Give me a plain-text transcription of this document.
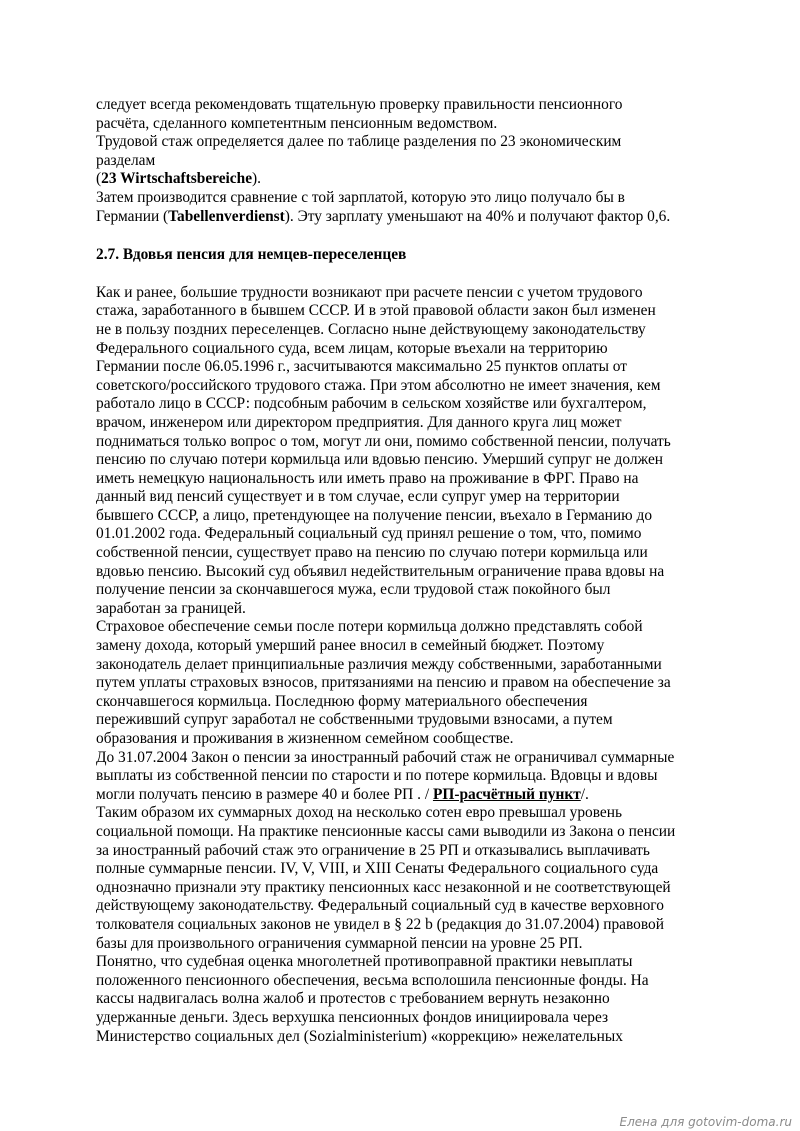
следует всегда рекомендовать тщательную проверку правильности пенсионного
расчёта, сделанного компетентным пенсионным ведомством.
Трудовой стаж определяется далее по таблице разделения по 23 экономическим
разделам
(23 Wirtschaftsbereiche).
Затем производится сравнение с той зарплатой, которую это лицо получало бы в
Германии (Tabellenverdienst). Эту зарплату уменьшают на 40% и получают фактор 0,6.
2.7. Вдовья пенсия для немцев-переселенцев
Как и ранее, большие трудности возникают при расчете пенсии с учетом трудового
стажа, заработанного в бывшем СССР. И в этой правовой области закон был изменен
не в пользу поздних переселенцев. Согласно ныне действующему законодательству
Федерального социального суда, всем лицам, которые въехали на территорию
Германии после 06.05.1996 г., засчитываются максимально 25 пунктов оплаты от
советского/российского трудового стажа. При этом абсолютно не имеет значения, кем
работало лицо в СССР: подсобным рабочим в сельском хозяйстве или бухгалтером,
врачом, инженером или директором предприятия. Для данного круга лиц может
подниматься только вопрос о том, могут ли они, помимо собственной пенсии, получать
пенсию по случаю потери кормильца или вдовью пенсию. Умерший супруг не должен
иметь немецкую национальность или иметь право на проживание в ФРГ. Право на
данный вид пенсий существует и в том случае, если супруг умер на территории
бывшего СССР, а лицо, претендующее на получение пенсии, въехало в Германию до
01.01.2002 года. Федеральный социальный суд принял решение о том, что, помимо
собственной пенсии, существует право на пенсию по случаю потери кормильца или
вдовью пенсию. Высокий суд объявил недействительным ограничение права вдовы на
получение пенсии за скончавшегося мужа, если трудовой стаж покойного был
заработан за границей.
Страховое обеспечение семьи после потери кормильца должно представлять собой
замену дохода, который умерший ранее вносил в семейный бюджет. Поэтому
законодатель делает принципиальные различия между собственными, заработанными
путем уплаты страховых взносов, притязаниями на пенсию и правом на обеспечение за
скончавшегося кормильца. Последнюю форму материального обеспечения
переживший супруг заработал не собственными трудовыми взносами, а путем
образования и проживания в жизненном семейном сообществе.
До 31.07.2004 Закон о пенсии за иностранный рабочий стаж не ограничивал суммарные
выплаты из собственной пенсии по старости и по потере кормильца. Вдовцы и вдовы
могли получать пенсию в размере 40 и более РП . / РП-расчётный пункт/.
Таким образом их суммарных доход на несколько сотен евро превышал уровень
социальной помощи. На практике пенсионные кассы сами выводили из Закона о пенсии
за иностранный рабочий стаж это ограничение в 25 РП и отказывались выплачивать
полные суммарные пенсии. IV, V, VIII, и XIII Сенаты Федерального социального суда
однозначно признали эту практику пенсионных касс незаконной и не соответствующей
действующему законодательству. Федеральный социальный суд в качестве верховного
толкователя социальных законов не увидел в § 22 b (редакция до 31.07.2004) правовой
базы для произвольного ограничения суммарной пенсии на уровне 25 РП.
Понятно, что судебная оценка многолетней противоправной практики невыплаты
положенного пенсионного обеспечения, весьма всполошила пенсионные фонды. На
кассы надвигалась волна жалоб и протестов с требованием вернуть незаконно
удержанные деньги. Здесь верхушка пенсионных фондов инициировала через
Министерство социальных дел (Sozialministerium) «коррекцию» нежелательных
Елена для gotovim-doma.ru
